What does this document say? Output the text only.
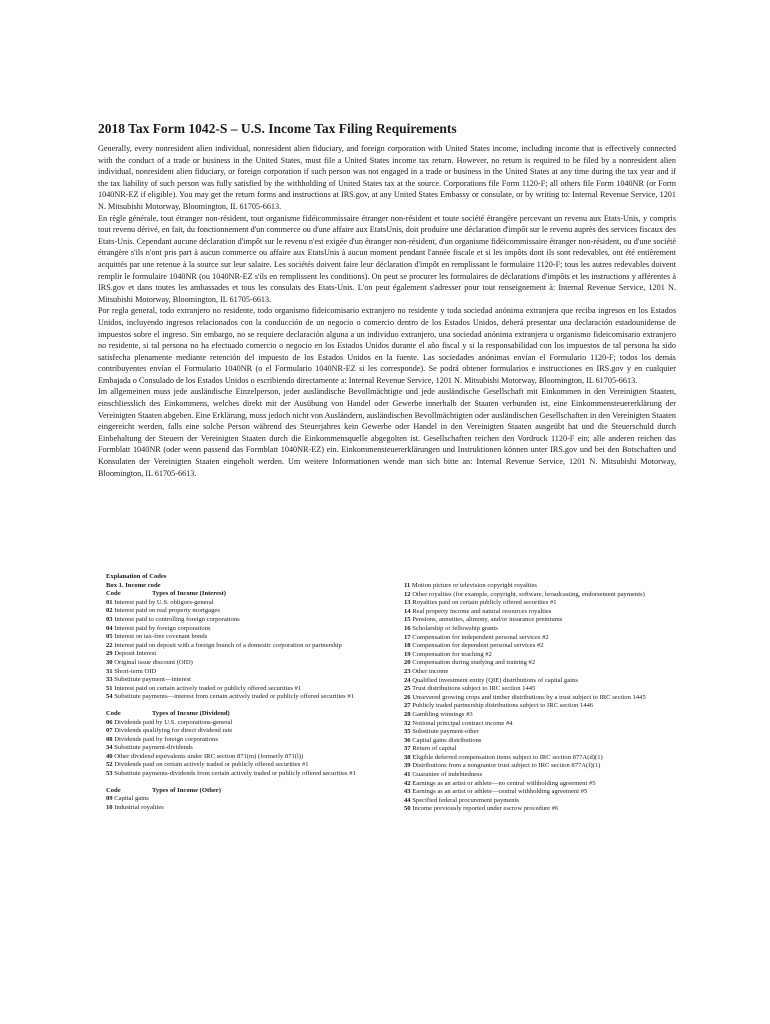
2018 Tax Form 1042-S – U.S. Income Tax Filing Requirements

Generally, every nonresident alien individual, nonresident alien fiduciary, and foreign corporation with United States income, including income that is effectively connected with the conduct of a trade or business in the United States, must file a United States income tax return. However, no return is required to be filed by a nonresident alien individual, nonresident alien fiduciary, or foreign corporation if such person was not engaged in a trade or business in the United States at any time during the tax year and if the tax liability of such person was fully satisfied by the withholding of United States tax at the source. Corporations file Form 1120-F; all others file Form 1040NR (or Form 1040NR-EZ if eligible). You may get the return forms and instructions at IRS.gov, at any United States Embassy or consulate, or by writing to: Internal Revenue Service, 1201 N. Mitsubishi Motorway, Bloomington, IL 61705-6613.

En règle générale, tout étranger non-résident, tout organisme fidéicommissaire étranger non-résident et toute société étrangère percevant un revenu aux Etats-Unis, y compris tout revenu dérivé, en fait, du fonctionnement d'un commerce ou d'une affaire aux EtatsUnis, doit produire une déclaration d'impôt sur le revenu auprès des services fiscaux des Etats-Unis. Cependant aucune déclaration d'impôt sur le revenu n'est exigée d'un étranger non-résident, d'un organisme fidéicommissaire étranger non-résident, ou d'une société étrangère s'ils n'ont pris part à aucun commerce ou affaire aux EtatsUnis à aucun moment pendant l'année fiscale et si les impôts dont ils sont redevables, ont été entièrement acquittés par une retenue à la source sur leur salaire. Les sociétés doivent faire leur déclaration d'impôt en remplissant le formulaire 1120-F; tous les autres redevables doivent remplir le formulaire 1040NR (ou 1040NR-EZ s'ils en remplissent les conditions). On peut se procurer les formulaires de déclarations d'impôts et les instructions y afférentes à IRS.gov et dans toutes les ambassades et tous les consulats des Etats-Unis. L'on peut également s'adresser pour tout renseignement à: Internal Revenue Service, 1201 N. Mitsubishi Motorway, Bloomington, IL 61705-6613.

Por regla general, todo extranjero no residente, todo organismo fideicomisario extranjero no residente y toda sociedad anónima extranjera que reciba ingresos en los Estados Unidos, incluyendo ingresos relacionados con la conducción de un negocio o comercio dentro de los Estados Unidos, deberá presentar una declaración estadounidense de impuestos sobre el ingreso. Sin embargo, no se requiere declaración alguna a un individuo extranjero, una sociedad anónima extranjera u organismo fideicomisario extranjero no residente, si tal persona no ha efectuado comercio o negocio en los Estados Unidos durante el año fiscal y si la responsabilidad con los impuestos de tal persona ha sido satisfecha plenamente mediante retención del impuesto de los Estados Unidos en la fuente. Las sociedades anónimas envían el Formulario 1120-F; todos los demás contribuyentes envían el Formulario 1040NR (o el Formulario 1040NR-EZ si les corresponde). Se podrá obtener formularios e instrucciones en IRS.gov y en cualquier Embajada o Consulado de los Estados Unidos o escribiendo directamente a: Internal Revenue Service, 1201 N. Mitsubishi Motorway, Bloomington, IL 61705-6613.

Im allgemeinen muss jede ausländische Einzelperson, jeder ausländische Bevollmächtigte und jede ausländische Gesellschaft mit Einkommen in den Vereinigten Staaten, einschliesslich des Einkommens, welches direkt mit der Ausübung von Handel oder Gewerbe innerhalb der Staaten verbunden ist, eine Einkommensteuererklärung der Vereinigten Staaten abgeben. Eine Erklärung, muss jedoch nicht von Ausländern, ausländischen Bevollmächtigten oder ausländischen Gesellschaften in den Vereinigten Staaten eingereicht werden, falls eine solche Person während des Steuerjahres kein Gewerbe oder Handel in den Vereinigten Staaten ausgeübt hat und die Steuerschuld durch Einbehaltung der Steuern der Vereinigten Staaten durch die Einkommensquelle abgegolten ist. Gesellschaften reichen den Vordruck 1120-F ein; alle anderen reichen das Formblatt 1040NR (oder wenn passend das Formblatt 1040NR-EZ) ein. Einkommensteuererklärungen und Instruktionen können unter IRS.gov und bei den Botschaften und Konsulaten der Vereinigten Staaten eingeholt werden. Um weitere Informationen wende man sich bitte an: Internal Revenue Service, 1201 N. Mitsubishi Motorway, Bloomington, IL 61705-6613.

Explanation of Codes
Box 1. Income code
Code	Types of Income (Interest)
01 Interest paid by U.S. obligors-general
02 Interest paid on real property mortgages
03 Interest paid to controlling foreign corporations
04 Interest paid by foreign corporations
05 Interest on tax-free covenant bonds
22 Interest paid on deposit with a foreign branch of a domestic corporation or partnership
29 Deposit Interest
30 Original issue discount (OID)
31 Short-term OID
33 Substitute payment—interest
51 Interest paid on certain actively traded or publicly offered securities #1
54 Substitute payments—interest from certain actively traded or publicly offered securities #1
Code	Types of Income (Dividend)
06 Dividends paid by U.S. corporations-general
07 Dividends qualifying for direct dividend rate
08 Dividends paid by foreign corporations
34 Substitute payment-dividends
40 Other dividend equivalents under IRC section 871(m) (formerly 871(l))
52 Dividends paid on certain actively traded or publicly offered securities #1
53 Substitute payments-dividends from certain actively traded or publicly offered securities #1
Code	Types of Income (Other)
09 Capital gains
10 Industrial royalties
11 Motion picture or television copyright royalties
12 Other royalties (for example, copyright, software, broadcasting, endorsement payments)
13 Royalties paid on certain publicly offered securities #1
14 Real property income and natural resources royalties
15 Pensions, annuities, alimony, and/or insurance premiums
16 Scholarship or fellowship grants
17 Compensation for independent personal services #2
18 Compensation for dependent personal services #2
19 Compensation for teaching #2
20 Compensation during studying and training #2
23 Other income
24 Qualified investment entity (QIE) distributions of capital gains
25 Trust distributions subject to IRC section 1445
26 Unsevered growing crops and timber distributions by a trust subject to IRC section 1445
27 Publicly traded partnership distributions subject to IRC section 1446
28 Gambling winnings #3
32 Notional principal contract income #4
35 Substitute payment-other
36 Capital gains distributions
37 Return of capital
38 Eligible deferred compensation items subject to IRC section 877A(d)(1)
39 Distributions from a nongrantor trust subject to IRC section 877A(f)(1)
41 Guarantee of indebtedness
42 Earnings as an artist or athlete—no central withholding agreement #5
43 Earnings as an artist or athlete—central withholding agreement #5
44 Specified federal procurement payments
50 Income previously reported under escrow procedure #6
